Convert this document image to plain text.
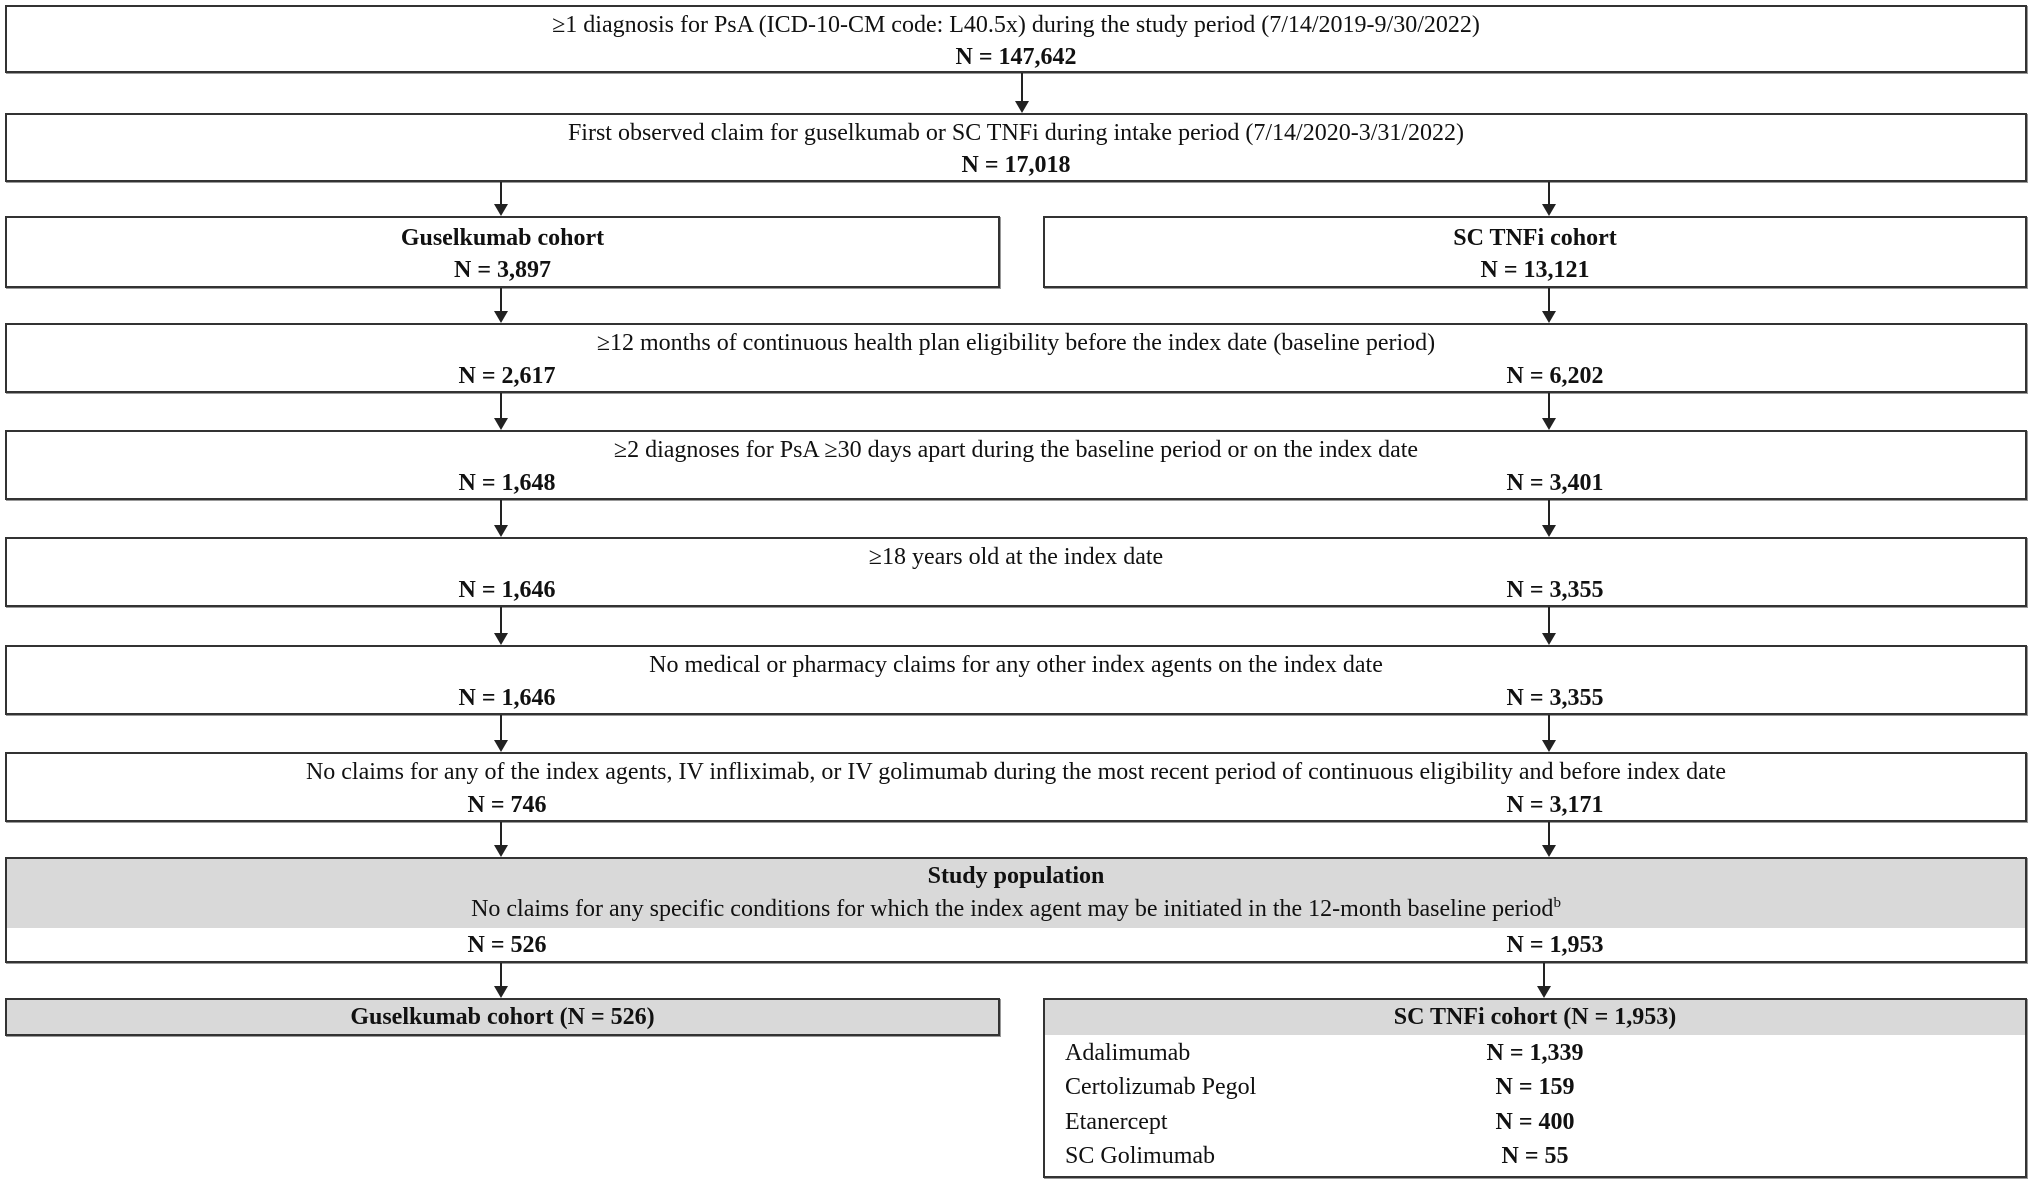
≥1 diagnosis for PsA (ICD-10-CM code: L40.5x) during the study period (7/14/2019-9/30/2022)
N = 147,642
First observed claim for guselkumab or SC TNFi during intake period (7/14/2020-3/31/2022)
N = 17,018
Guselkumab cohort
N = 3,897
SC TNFi cohort
N = 13,121
≥12 months of continuous health plan eligibility before the index date (baseline period)
N = 2,617	N = 6,202
≥2 diagnoses for PsA ≥30 days apart during the baseline period or on the index date
N = 1,648	N = 3,401
≥18 years old at the index date
N = 1,646	N = 3,355
No medical or pharmacy claims for any other index agents on the index date
N = 1,646	N = 3,355
No claims for any of the index agents, IV infliximab, or IV golimumab during the most recent period of continuous eligibility and before index date
N = 746	N = 3,171
Study population
No claims for any specific conditions for which the index agent may be initiated in the 12-month baseline period$^b$
N = 526	N = 1,953
Guselkumab cohort (N = 526)	SC TNFi cohort (N = 1,953)
Adalimumab	N = 1,339
Certolizumab Pegol	N = 159
Etanercept	N = 400
SC Golimumab	N = 55
